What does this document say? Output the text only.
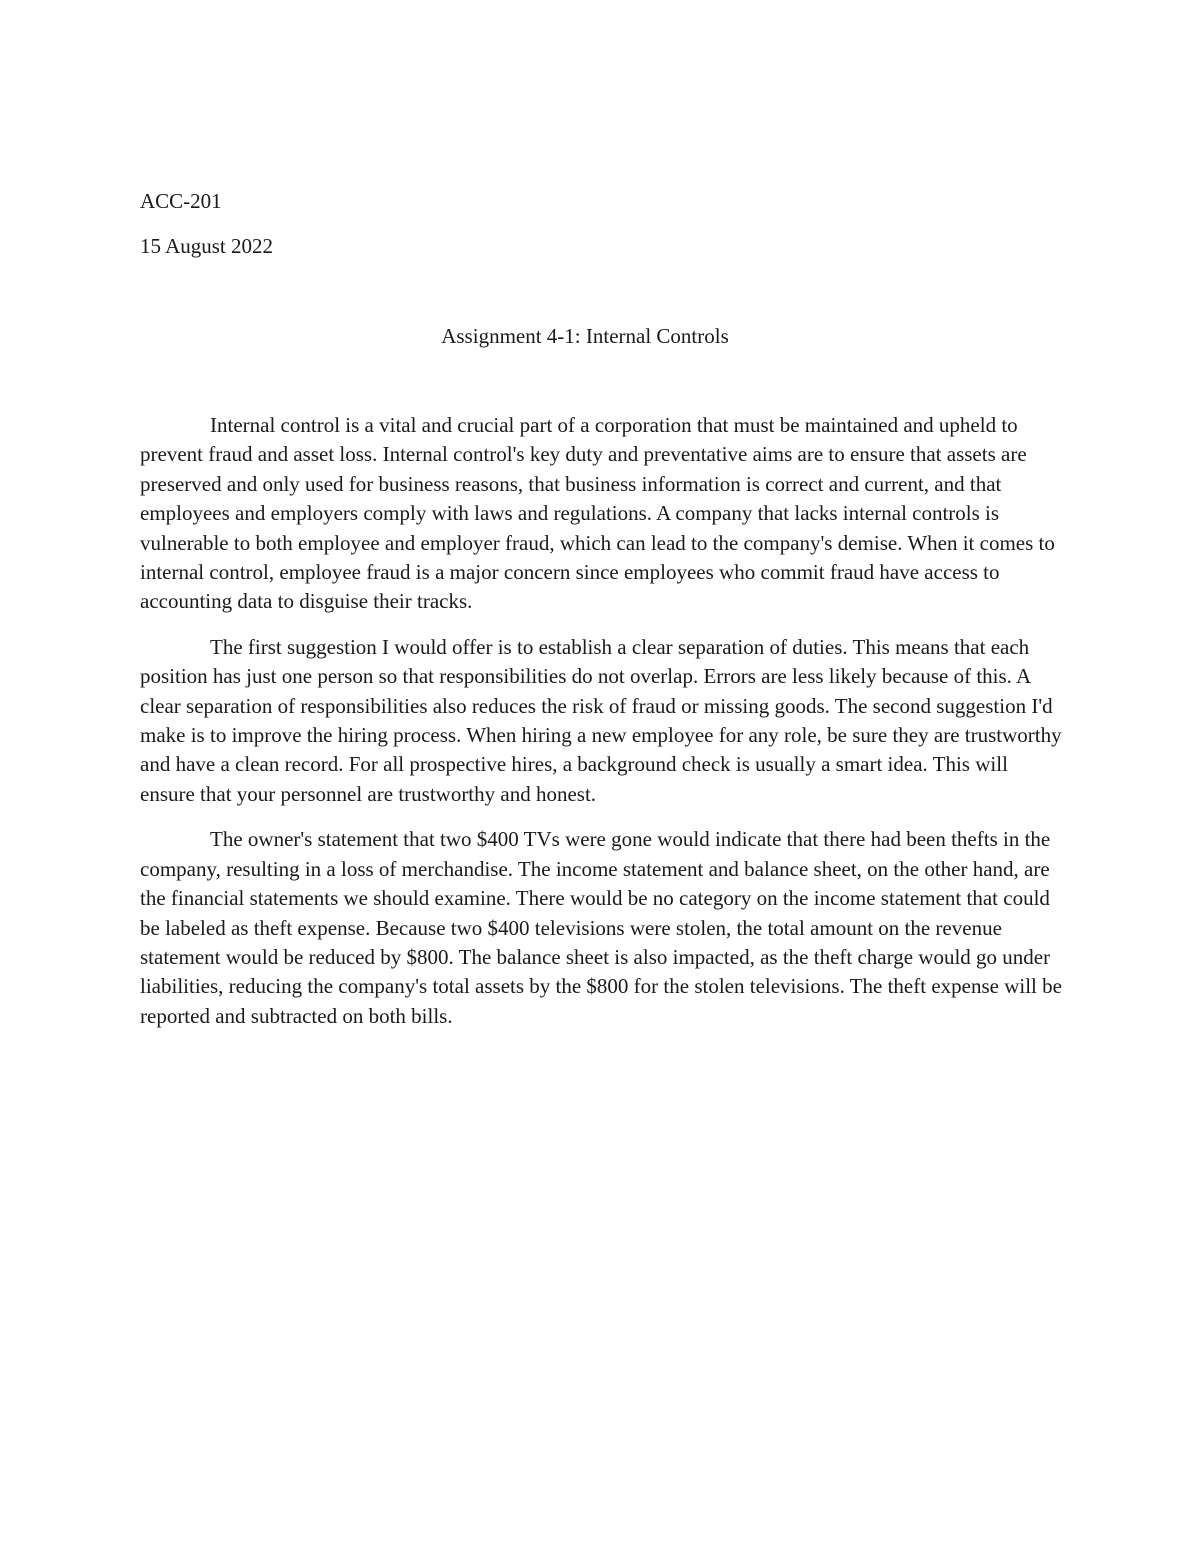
ACC-201
15 August 2022
Assignment 4-1: Internal Controls

Internal control is a vital and crucial part of a corporation that must be maintained and upheld to prevent fraud and asset loss. Internal control's key duty and preventative aims are to ensure that assets are preserved and only used for business reasons, that business information is correct and current, and that employees and employers comply with laws and regulations. A company that lacks internal controls is vulnerable to both employee and employer fraud, which can lead to the company's demise. When it comes to internal control, employee fraud is a major concern since employees who commit fraud have access to accounting data to disguise their tracks.

The first suggestion I would offer is to establish a clear separation of duties. This means that each position has just one person so that responsibilities do not overlap. Errors are less likely because of this. A clear separation of responsibilities also reduces the risk of fraud or missing goods. The second suggestion I'd make is to improve the hiring process. When hiring a new employee for any role, be sure they are trustworthy and have a clean record. For all prospective hires, a background check is usually a smart idea. This will ensure that your personnel are trustworthy and honest.

The owner's statement that two $400 TVs were gone would indicate that there had been thefts in the company, resulting in a loss of merchandise. The income statement and balance sheet, on the other hand, are the financial statements we should examine. There would be no category on the income statement that could be labeled as theft expense. Because two $400 televisions were stolen, the total amount on the revenue statement would be reduced by $800. The balance sheet is also impacted, as the theft charge would go under liabilities, reducing the company's total assets by the $800 for the stolen televisions. The theft expense will be reported and subtracted on both bills.
